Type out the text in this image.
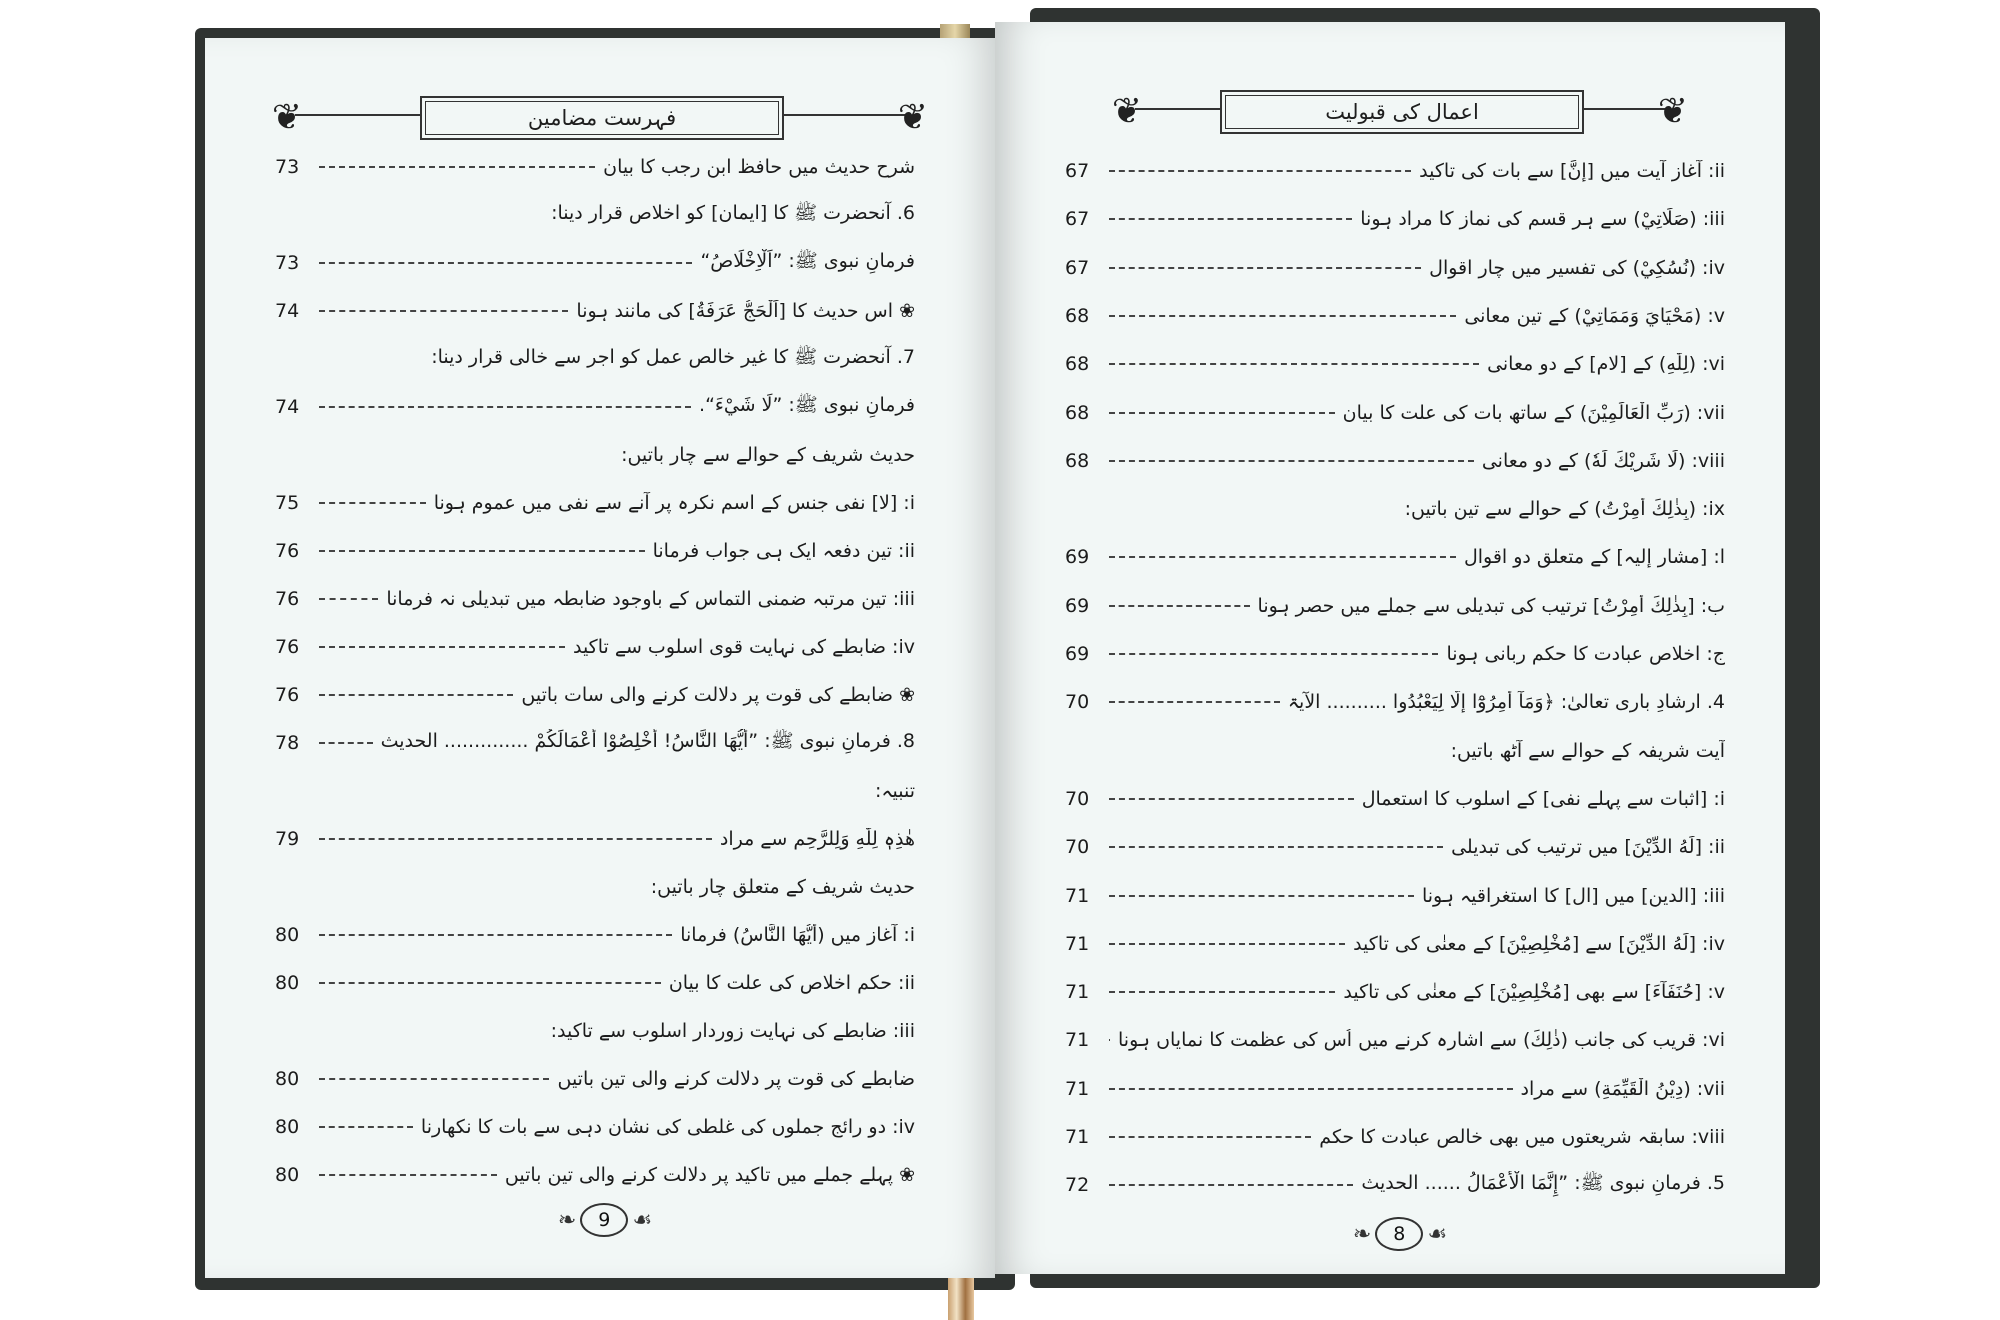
❦	❦
فہرست مضامین
73	شرح حدیث میں حافظ ابن رجب کا بیان
6. آنحضرت ﷺ کا [ایمان] کو اخلاص قرار دینا:
73	فرمانِ نبوی ﷺ: ”اَلْاِخْلَاصُ“
74	❀ اس حدیث کا [اَلْحَجُّ عَرَفَةُ] کی مانند ہونا
7. آنحضرت ﷺ کا غیر خالص عمل کو اجر سے خالی قرار دینا:
74	فرمانِ نبوی ﷺ: ”لَا شَيْءَ“.
حدیث شریف کے حوالے سے چار باتیں:
75	i: [لا] نفی جنس کے اسم نکرہ پر آنے سے نفی میں عموم ہونا
76	ii: تین دفعہ ایک ہی جواب فرمانا
76	iii: تین مرتبہ ضمنی التماس کے باوجود ضابطہ میں تبدیلی نہ فرمانا
76	iv: ضابطے کی نہایت قوی اسلوب سے تاکید
76	❀ ضابطے کی قوت پر دلالت کرنے والی سات باتیں
78	8. فرمانِ نبوی ﷺ: ”أَيُّهَا النَّاسُ! أَخْلِصُوْا أَعْمَالَكُمْ .............. الحدیث
تنبیہ:
79	هٰذِهٖ لِلّٰهِ وَلِلرَّحِمِ سے مراد
حدیث شریف کے متعلق چار باتیں:
80	i: آغاز میں (أَيُّهَا النَّاسُ) فرمانا
80	ii: حکم اخلاص کی علت کا بیان
iii: ضابطے کی نہایت زوردار اسلوب سے تاکید:
80	ضابطے کی قوت پر دلالت کرنے والی تین باتیں
80	iv: دو رائج جملوں کی غلطی کی نشان دہی سے بات کا نکھارنا
80	❀ پہلے جملے میں تاکید پر دلالت کرنے والی تین باتیں
❧	9 ☙
❦	❦
اعمال کی قبولیت
67	ii: آغازِ آیت میں [إِنَّ] سے بات کی تاکید
67	iii: (صَلَاتِيْ) سے ہر قسم کی نماز کا مراد ہونا
67	iv: (نُسُكِيْ) کی تفسیر میں چار اقوال
68	v: (مَحْيَايَ وَمَمَاتِيْ) کے تین معانی
68	vi: (لِلّٰهِ) کے [لام] کے دو معانی
68	vii: (رَبِّ الْعَالَمِيْنَ) کے ساتھ بات کی علت کا بیان
68	viii: (لَا شَرِيْكَ لَهٗ) کے دو معانی
ix: (بِذٰلِكَ أُمِرْتُ) کے حوالے سے تین باتیں:
69	ا: [مشار إلیہ] کے متعلق دو اقوال
69	ب: [بِذٰلِكَ أُمِرْتُ] ترتیب کی تبدیلی سے جملے میں حصر ہونا
69	ج: اخلاص عبادت کا حکم ربانی ہونا
70	4. ارشادِ باری تعالیٰ: ﴿وَمَآ أُمِرُوْٓا إِلَّا لِيَعْبُدُوا .......... الآیۃ
آیت شریفہ کے حوالے سے آٹھ باتیں:
70	i: [اثبات سے پہلے نفی] کے اسلوب کا استعمال
70	ii: [لَهُ الدِّيْنَ] میں ترتیب کی تبدیلی
71	iii: [الدین] میں [ال] کا استغراقیہ ہونا
71	iv: [لَهُ الدِّيْنَ] سے [مُخْلِصِيْنَ] کے معنٰی کی تاکید
71	v: [حُنَفَآءَ] سے بھی [مُخْلِصِيْنَ] کے معنٰی کی تاکید
71	vi: قریب کی جانب (ذٰلِكَ) سے اشارہ کرنے میں اُس کی عظمت کا نمایاں ہونا
71	vii: (دِيْنُ الْقَيِّمَةِ) سے مراد
71	viii: سابقہ شریعتوں میں بھی خالص عبادت کا حکم
72	5. فرمانِ نبوی ﷺ: ”إِنَّمَا الْأَعْمَالُ ...... الحدیث
❧	8 ☙
